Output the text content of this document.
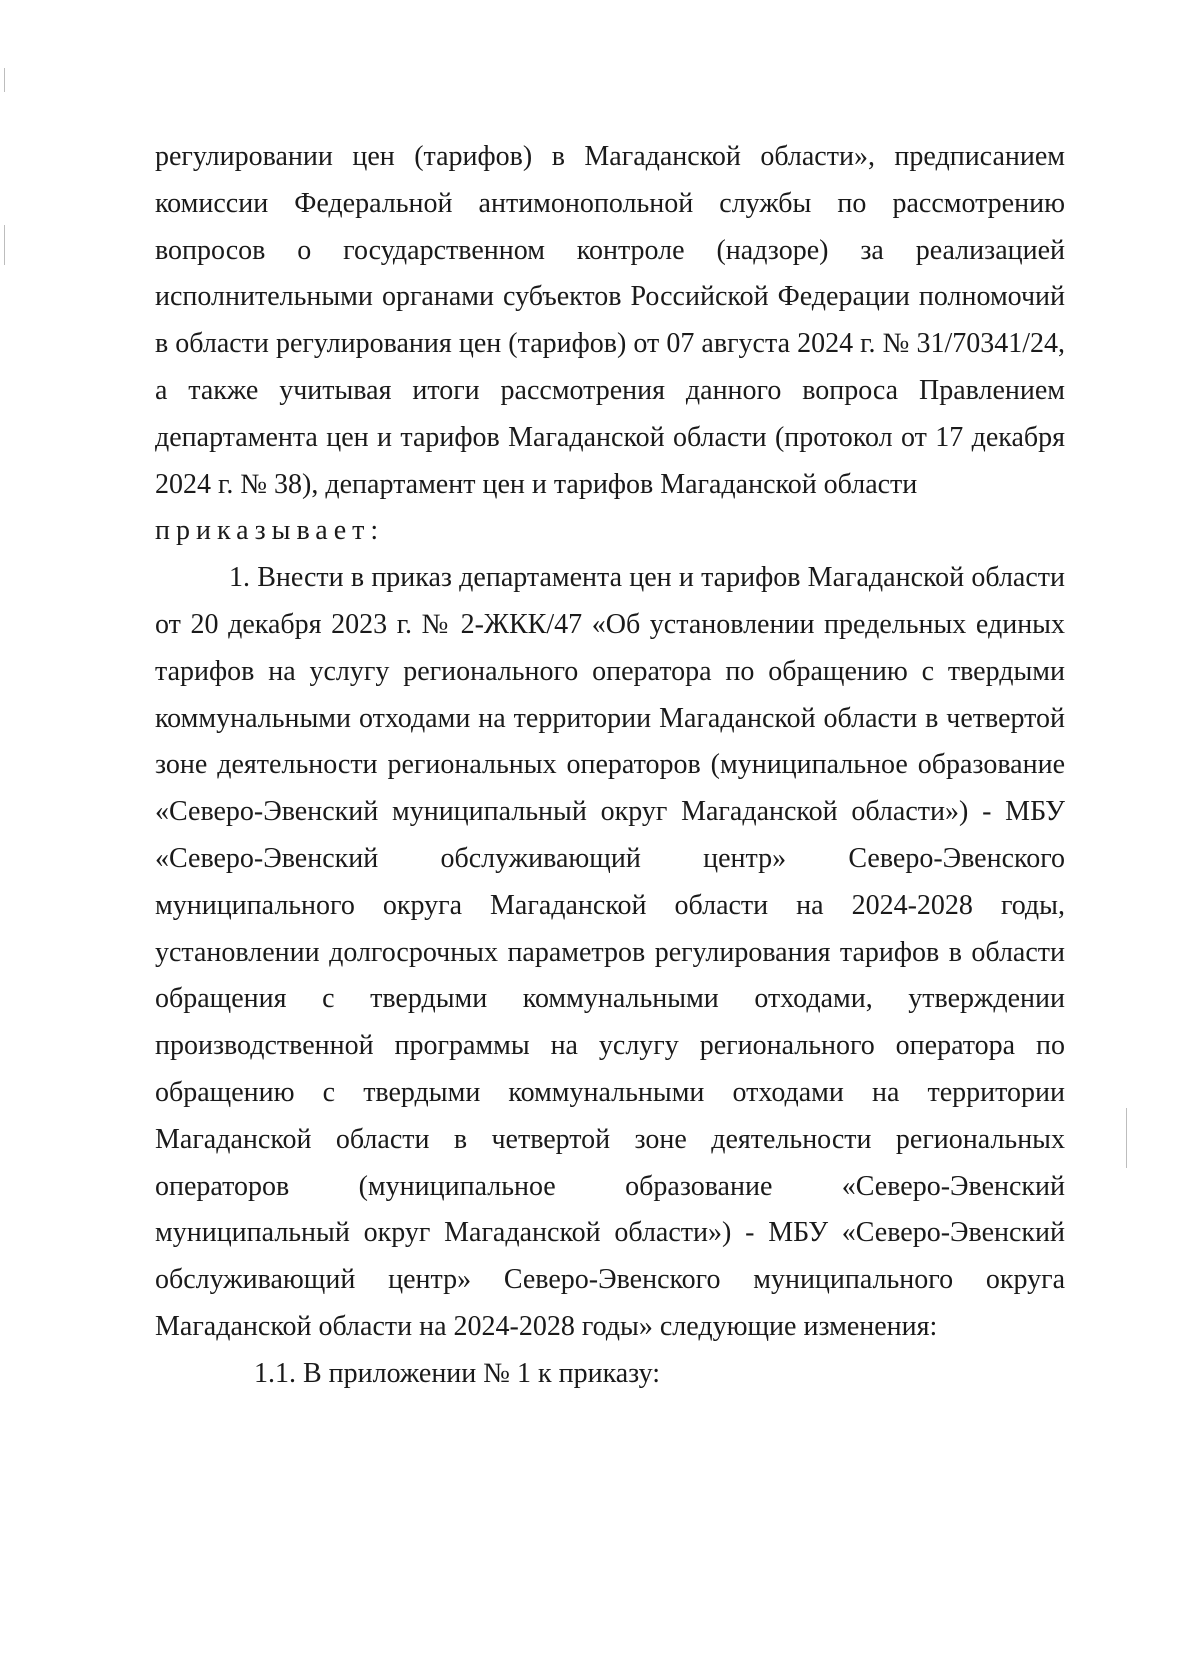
регулировании цен (тарифов) в Магаданской области», предписанием комиссии Федеральной антимонопольной службы по рассмотрению вопросов о государственном контроле (надзоре) за реализацией исполнительными органами субъектов Российской Федерации полномочий в области регулирования цен (тарифов) от 07 августа 2024 г. № 31/70341/24, а также учитывая итоги рассмотрения данного вопроса Правлением департамента цен и тарифов Магаданской области (протокол от 17 декабря 2024 г. № 38), департамент цен и тарифов Магаданской области

приказывает:

1. Внести в приказ департамента цен и тарифов Магаданской области от 20 декабря 2023 г. № 2-ЖКК/47 «Об установлении предельных единых тарифов на услугу регионального оператора по обращению с твердыми коммунальными отходами на территории Магаданской области в четвертой зоне деятельности региональных операторов (муниципальное образование «Северо-Эвенский муниципальный округ Магаданской области») - МБУ «Северо-Эвенский обслуживающий центр» Северо-Эвенского муниципального округа Магаданской области на 2024-2028 годы, установлении долгосрочных параметров регулирования тарифов в области обращения с твердыми коммунальными отходами, утверждении производственной программы на услугу регионального оператора по обращению с твердыми коммунальными отходами на территории Магаданской области в четвертой зоне деятельности региональных операторов (муниципальное образование «Северо-Эвенский муниципальный округ Магаданской области») - МБУ «Северо-Эвенский обслуживающий центр» Северо-Эвенского муниципального округа Магаданской области на 2024-2028 годы» следующие изменения:

1.1. В приложении № 1 к приказу:
